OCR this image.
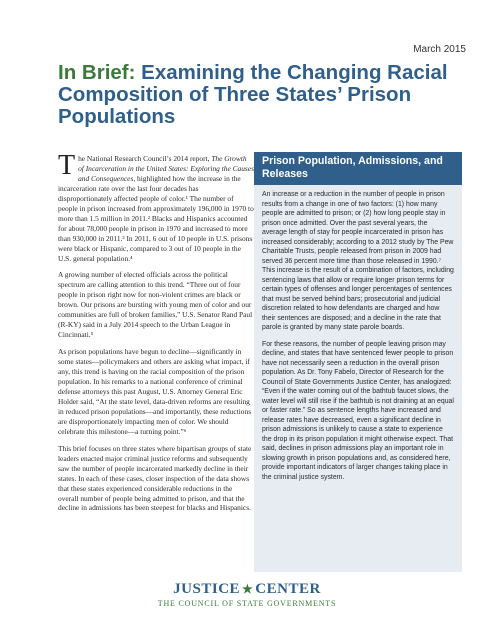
March 2015
In Brief: Examining the Changing Racial Composition of Three States’ Prison Populations

The National Research Council’s 2014 report, The Growth of Incarceration in the United States: Exploring the Causes and Consequences, highlighted how the increase in the incarceration rate over the last four decades has disproportionately affected people of color.¹ The number of people in prison increased from approximately 196,000 in 1970 to more than 1.5 million in 2011.² Blacks and Hispanics accounted for about 78,000 people in prison in 1970 and increased to more than 930,000 in 2011.³ In 2011, 6 out of 10 people in U.S. prisons were black or Hispanic, compared to 3 out of 10 people in the U.S. general population.⁴

A growing number of elected officials across the political spectrum are calling attention to this trend. “Three out of four people in prison right now for non-violent crimes are black or brown. Our prisons are bursting with young men of color and our communities are full of broken families,” U.S. Senator Rand Paul (R-KY) said in a July 2014 speech to the Urban League in Cincinnati.⁵

As prison populations have begun to decline—significantly in some states—policymakers and others are asking what impact, if any, this trend is having on the racial composition of the prison population. In his remarks to a national conference of criminal defense attorneys this past August, U.S. Attorney General Eric Holder said, “At the state level, data-driven reforms are resulting in reduced prison populations—and importantly, these reductions are disproportionately impacting men of color. We should celebrate this milestone—a turning point.”⁶

This brief focuses on three states where bipartisan groups of state leaders enacted major criminal justice reforms and subsequently saw the number of people incarcerated markedly decline in their states. In each of these cases, closer inspection of the data shows that these states experienced considerable reductions in the overall number of people being admitted to prison, and that the decline in admissions has been steepest for blacks and Hispanics.

Prison Population, Admissions, and Releases

An increase or a reduction in the number of people in prison results from a change in one of two factors: (1) how many people are admitted to prison; or (2) how long people stay in prison once admitted. Over the past several years, the average length of stay for people incarcerated in prison has increased considerably; according to a 2012 study by The Pew Charitable Trusts, people released from prison in 2009 had served 36 percent more time than those released in 1990.⁷ This increase is the result of a combination of factors, including sentencing laws that allow or require longer prison terms for certain types of offenses and longer percentages of sentences that must be served behind bars; prosecutorial and judicial discretion related to how defendants are charged and how their sentences are disposed; and a decline in the rate that parole is granted by many state parole boards.

For these reasons, the number of people leaving prison may decline, and states that have sentenced fewer people to prison have not necessarily seen a reduction in the overall prison population. As Dr. Tony Fabelo, Director of Research for the Council of State Governments Justice Center, has analogized: “Even if the water coming out of the bathtub faucet slows, the water level will still rise if the bathtub is not draining at an equal or faster rate.” So as sentence lengths have increased and release rates have decreased, even a significant decline in prison admissions is unlikely to cause a state to experience the drop in its prison population it might otherwise expect. That said, declines in prison admissions play an important role in slowing growth in prison populations and, as considered here, provide important indicators of larger changes taking place in the criminal justice system.

JUSTICE ★ CENTER
THE COUNCIL OF STATE GOVERNMENTS
